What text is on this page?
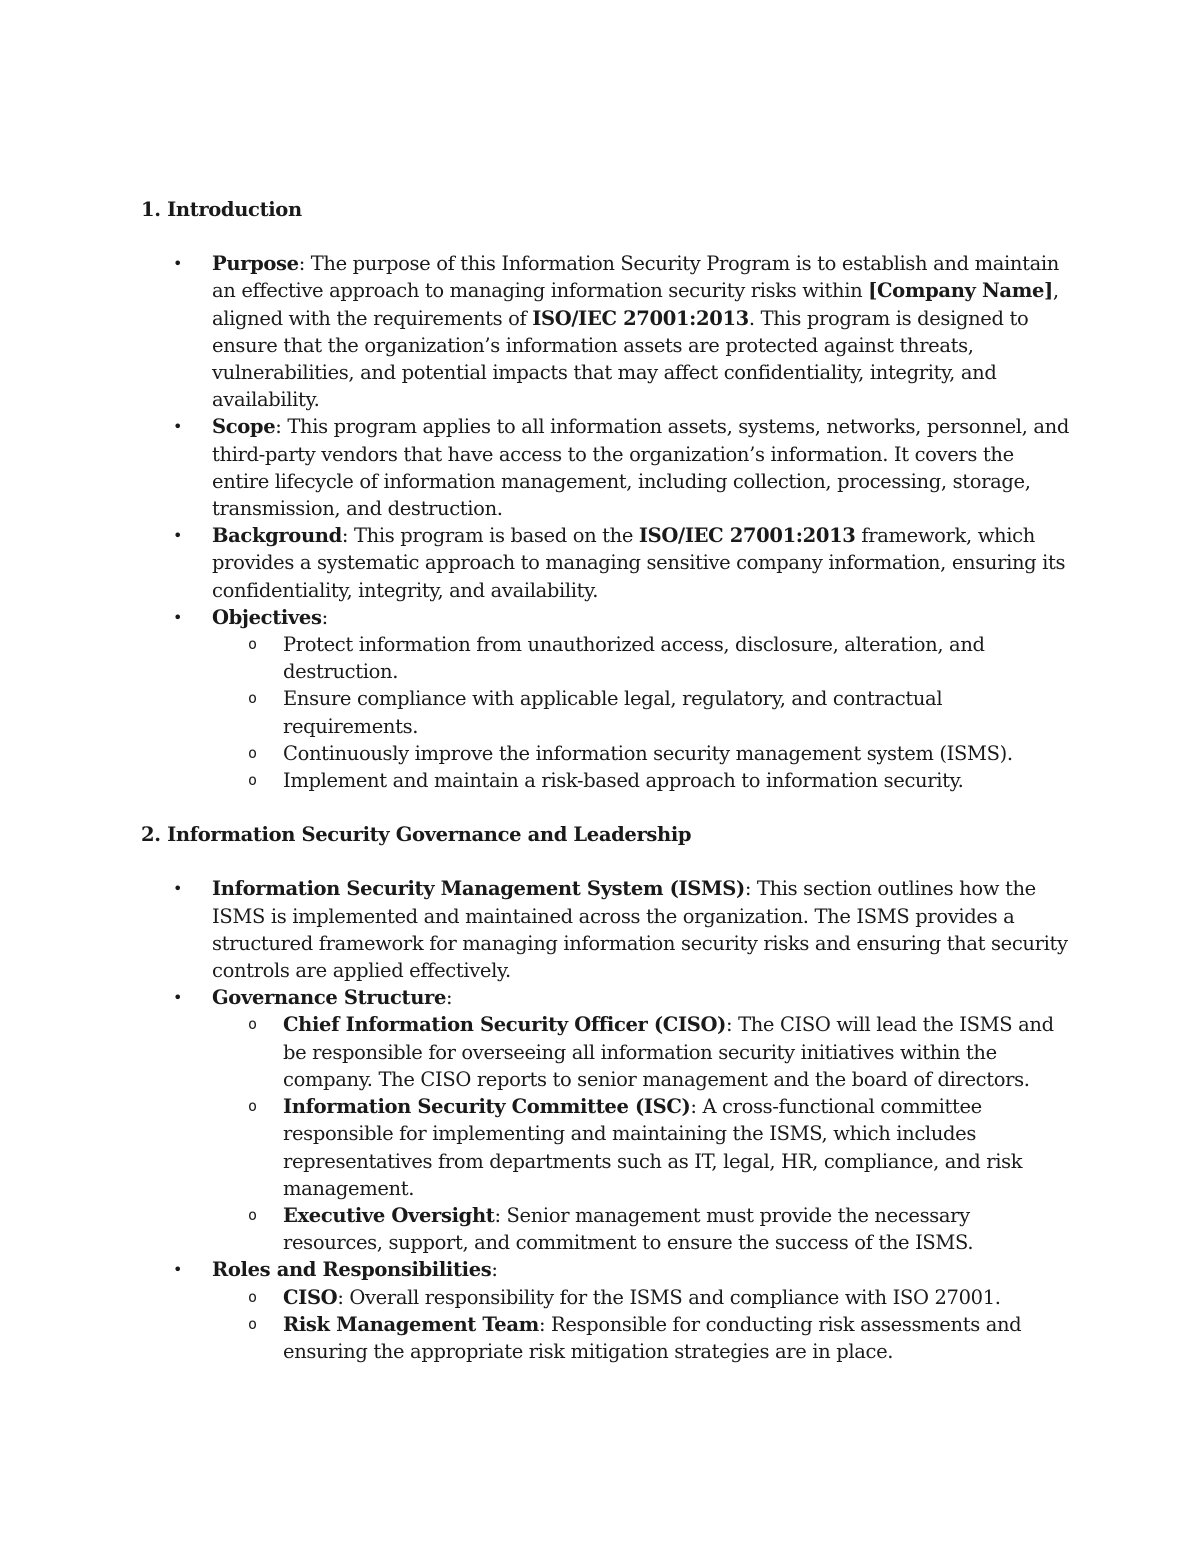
1. Introduction
• Purpose: The purpose of this Information Security Program is to establish and maintain an effective approach to managing information security risks within [Company Name], aligned with the requirements of ISO/IEC 27001:2013. This program is designed to ensure that the organization’s information assets are protected against threats, vulnerabilities, and potential impacts that may affect confidentiality, integrity, and availability.
• Scope: This program applies to all information assets, systems, networks, personnel, and third-party vendors that have access to the organization’s information. It covers the entire lifecycle of information management, including collection, processing, storage, transmission, and destruction.
• Background: This program is based on the ISO/IEC 27001:2013 framework, which provides a systematic approach to managing sensitive company information, ensuring its confidentiality, integrity, and availability.
• Objectives:
o Protect information from unauthorized access, disclosure, alteration, and destruction.
o Ensure compliance with applicable legal, regulatory, and contractual requirements.
o Continuously improve the information security management system (ISMS).
o Implement and maintain a risk-based approach to information security.
2. Information Security Governance and Leadership
• Information Security Management System (ISMS): This section outlines how the ISMS is implemented and maintained across the organization. The ISMS provides a structured framework for managing information security risks and ensuring that security controls are applied effectively.
• Governance Structure:
o Chief Information Security Officer (CISO): The CISO will lead the ISMS and be responsible for overseeing all information security initiatives within the company. The CISO reports to senior management and the board of directors.
o Information Security Committee (ISC): A cross-functional committee responsible for implementing and maintaining the ISMS, which includes representatives from departments such as IT, legal, HR, compliance, and risk management.
o Executive Oversight: Senior management must provide the necessary resources, support, and commitment to ensure the success of the ISMS.
• Roles and Responsibilities:
o CISO: Overall responsibility for the ISMS and compliance with ISO 27001.
o Risk Management Team: Responsible for conducting risk assessments and ensuring the appropriate risk mitigation strategies are in place.
